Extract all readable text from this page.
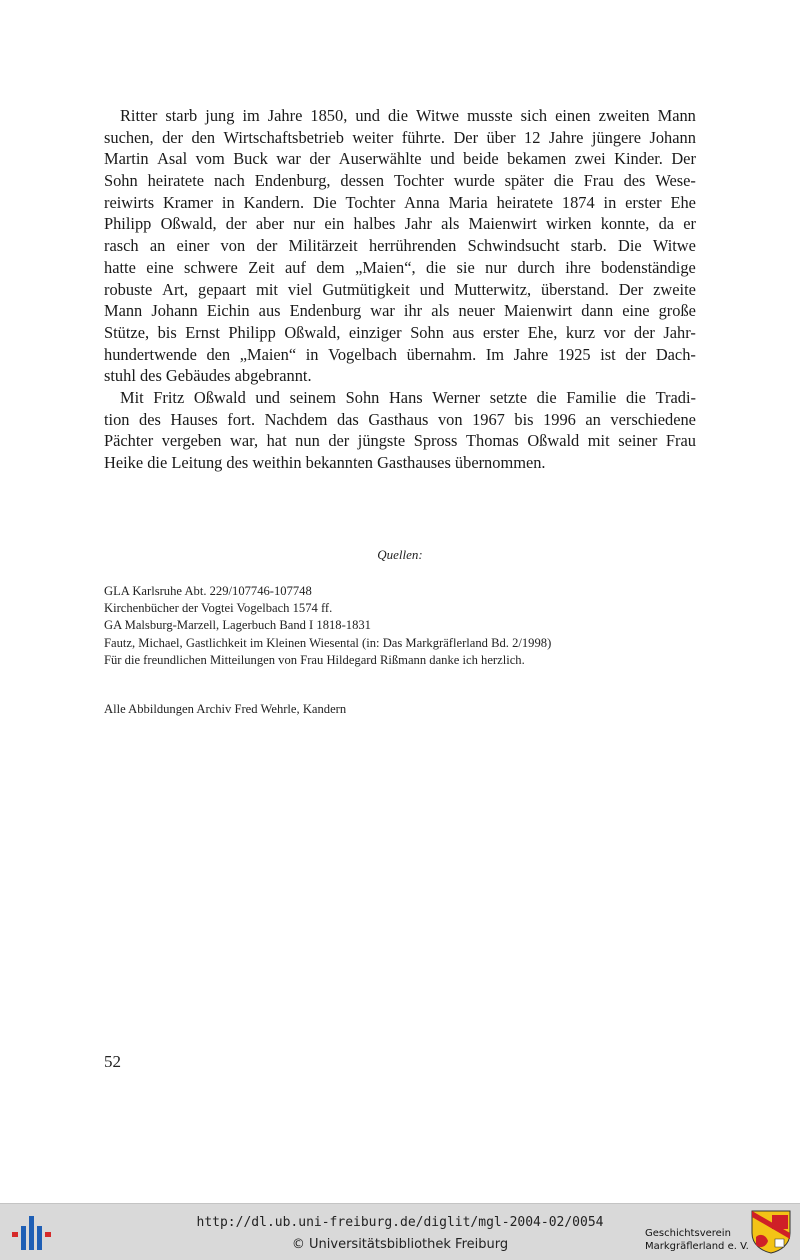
Ritter starb jung im Jahre 1850, und die Witwe musste sich einen zweiten Mann
suchen, der den Wirtschaftsbetrieb weiter führte. Der über 12 Jahre jüngere Johann
Martin Asal vom Buck war der Auserwählte und beide bekamen zwei Kinder. Der
Sohn heiratete nach Endenburg, dessen Tochter wurde später die Frau des Wese-
reiwirts Kramer in Kandern. Die Tochter Anna Maria heiratete 1874 in erster Ehe
Philipp Oßwald, der aber nur ein halbes Jahr als Maienwirt wirken konnte, da er
rasch an einer von der Militärzeit herrührenden Schwindsucht starb. Die Witwe
hatte eine schwere Zeit auf dem „Maien“, die sie nur durch ihre bodenständige
robuste Art, gepaart mit viel Gutmütigkeit und Mutterwitz, überstand. Der zweite
Mann Johann Eichin aus Endenburg war ihr als neuer Maienwirt dann eine große
Stütze, bis Ernst Philipp Oßwald, einziger Sohn aus erster Ehe, kurz vor der Jahr-
hundertwende den „Maien“ in Vogelbach übernahm. Im Jahre 1925 ist der Dach-
stuhl des Gebäudes abgebrannt.
Mit Fritz Oßwald und seinem Sohn Hans Werner setzte die Familie die Tradi-
tion des Hauses fort. Nachdem das Gasthaus von 1967 bis 1996 an verschiedene
Pächter vergeben war, hat nun der jüngste Spross Thomas Oßwald mit seiner Frau
Heike die Leitung des weithin bekannten Gasthauses übernommen.
Quellen:
GLA Karlsruhe Abt. 229/107746-107748
Kirchenbücher der Vogtei Vogelbach 1574 ff.
GA Malsburg-Marzell, Lagerbuch Band I 1818-1831
Fautz, Michael, Gastlichkeit im Kleinen Wiesental (in: Das Markgräflerland Bd. 2/1998)
Für die freundlichen Mitteilungen von Frau Hildegard Rißmann danke ich herzlich.
Alle Abbildungen Archiv Fred Wehrle, Kandern
52
http://dl.ub.uni-freiburg.de/diglit/mgl-2004-02/0054
© Universitätsbibliothek Freiburg
Geschichtsverein
Markgräflerland e. V.
